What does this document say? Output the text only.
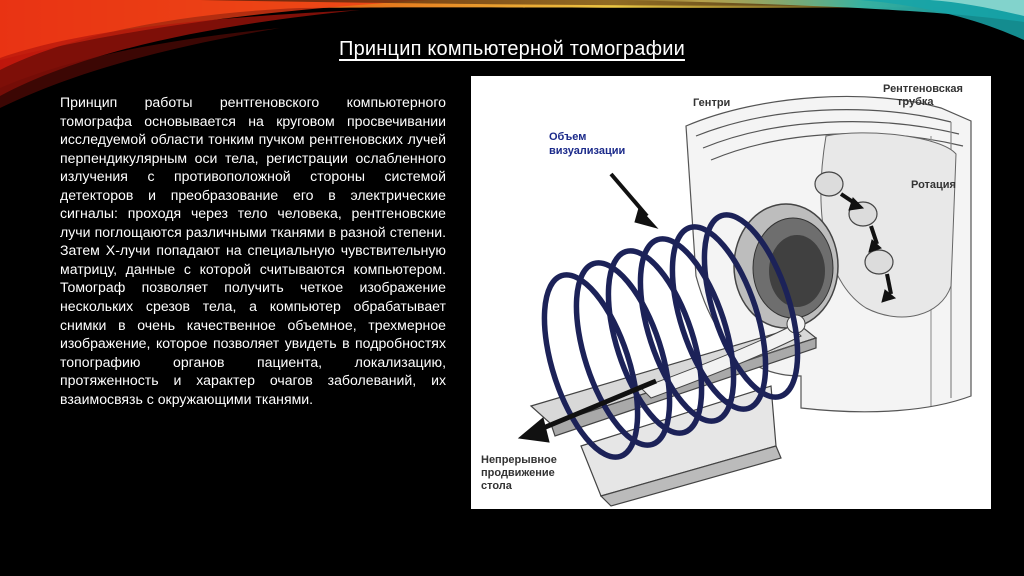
Принцип компьютерной томографии
Принцип работы рентгеновского компьютерного томографа основывается на круговом просвечивании исследуемой области тонким пучком рентгеновских лучей перпендикулярным оси тела, регистрации ослабленного излучения с противоположной стороны системой детекторов и преобразование его в электрические сигналы: проходя через тело человека, рентгеновские лучи поглощаются различными тканями в разной степени. Затем Х-лучи попадают на специальную чувствительную матрицу, данные с которой считываются компьютером. Томограф позволяет получить четкое изображение нескольких срезов тела, а компьютер обрабатывает снимки в очень качественное объемное, трехмерное изображение, которое позволяет увидеть в подробностях топографию органов пациента, локализацию, протяженность и характер очагов заболеваний, их взаимосвязь с окружающими тканями.
Гентри
Рентгеновская
трубка
Ротация
Объем
визуализации
Непрерывное
продвижение
стола
